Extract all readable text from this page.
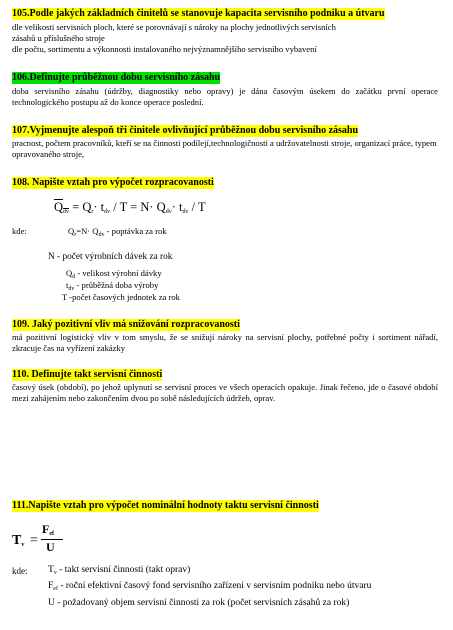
105.Podle jakých základních činitelů se stanovuje kapacita servisního podniku a útvaru
dle velikosti servisních ploch, které se porovnávají s nároky na plochy jednotlivých servisních
zásahů u příslušného stroje
dle počtu, sortimentu a výkonnosti instalovaného nejvýznamnějšího servisního vybavení
106.Definujte průběžnou dobu servisního zásahu
doba servisního zásahu (údržby, diagnostiky nebo opravy) je dána časovým úsekem do začátku první operace technologického postupu až do konce operace poslední.
107.Vyjmenujte alespoň tři činitele ovlivňující průběžnou dobu servisního zásahu
pracnost, počtem pracovníků, kteří se na činnosti podílejí,technologičnosti a udržovatelnosti stroje, organizací práce, typem opravovaného stroje,
108. Napište vztah pro výpočet rozpracovanosti
$Q_{dv} = Q_r\cdot t_{dv} / T = N\cdot Q_{dv}\cdot t_{dv} / T$
kde:	$Q_r=N\cdot Q_{dv}$ - poptávka za rok
N - počet výrobních dávek za rok
$Q_d$ - velikost výrobní dávky
$t_{dv}$ - průběžná doba výroby
T -počet časových jednotek za rok
109. Jaký pozitivní vliv má snižování rozpracovanosti
má pozitivní logistický vliv v tom smyslu, že se snižují nároky na servisní plochy, potřebné počty i sortiment nářadí, zkracuje čas na vyřízení zakázky
110. Definujte takt servisní činnosti
časový úsek (období), po jehož uplynutí se servisní proces ve všech operacích opakuje. Jinak řečeno, jde o časové období mezi zahájením nebo zakončením dvou po sobě následujících údržeb, oprav.
111.Napište vztah pro výpočet nominální hodnoty taktu servisní činnosti
$T_v$ =
$F_{ef}$
U
kde: $T_v$ - takt servisní činnosti (takt oprav)
$F_{ef}$ - roční efektivní časový fond servisního zařízení v servisním podniku nebo útvaru
U - požadovaný objem servisní činnosti za rok (počet servisních zásahů za rok)
